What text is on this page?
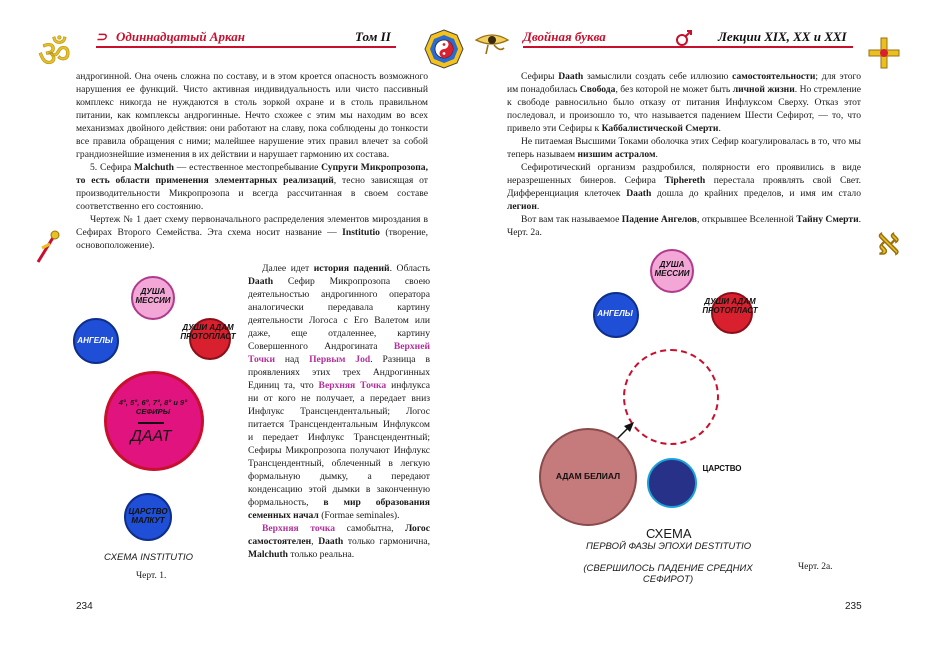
ॐ ⊃ Одиннадцатый Аркан	Том II

андрогинной. Она очень сложна по составу, и в этом кроется опасность возможного нарушения ее функций. Чисто активная индивидуальность или чисто пассивный комплекс никогда не нуждаются в столь зоркой охране и в столь правильном питании, как комплексы андрогинные. Нечто схожее с этим мы находим во всех механизмах двойного действия: они работают на славу, пока соблюдены до тонкости все правила обращения с ними; малейшее нарушение этих правил влечет за собой грандиознейшие изменения в их действии и нарушает гармонию их состава.

5. Сефира Malchuth — естественное местопребывание Супруги Микропрозопа, то есть области применения элементарных реализаций, тесно зависящая от производительности Микропрозопа и всегда рассчитанная в своем составе соответственно его состоянию.

Чертеж № 1 дает схему первоначального распределения элементов мироздания в Сефирах Второго Семейства. Эта схема носит название — Institutio (творение, основоположение).

Далее идет история падений. Область Daath Сефир Микропрозопа своею деятельностью андрогинного оператора аналогически передавала картину деятельности Логоса с Его Валетом или даже, еще отдаленнее, картину Совершенного Андрогината Верхней Точки над Первым Jod. Разница в проявлениях этих трех Андрогинных Единиц та, что Верхняя Точка инфлукса ни от кого не получает, а передает вниз Инфлукс Трансцендентальный; Логос питается Трансцендентальным Инфлуксом и передает Инфлукс Трансцендентный; Сефиры Микропрозопа получают Инфлукс Трансцендентный, облеченный в легкую формальную дымку, а передают конденсацию этой дымки в законченную формальность, в мир образования семенных начал (Formae seminales).

Верхняя точка самобытна, Логос самостоятелен, Daath только гармонична, Malchuth только реальна.

ДУША МЕССИИ
АНГЕЛЫ
ДУШИ АДАМ ПРОТОПЛАСТ
4°, 5°, 6°, 7°, 8° и 9° СЕФИРЫ
ДААТ
ЦАРСТВО МАЛКУТ
СХЕМА INSTITUTIO
Черт. 1.
234
Двойная буква	Лекции XIX, XX и XXI

Сефиры Daath замыслили создать себе иллюзию самостоятельности; для этого им понадобилась Свобода, без которой не может быть личной жизни. Но стремление к свободе равносильно было отказу от питания Инфлуксом Сверху. Отказ этот последовал, и произошло то, что называется падением Шести Сефирот, — то, что привело эти Сефиры к Каббалистической Смерти.

Не питаемая Высшими Токами оболочка этих Сефир коагулировалась в то, что мы теперь называем низшим астралом.

Сефиротический организм раздробился, полярности его проявились в виде неразрешенных бинеров. Сефира Tiphereth перестала проявлять свой Свет. Дифференциация клеточек Daath дошла до крайних пределов, и имя им стало легион.

Вот вам так называемое Падение Ангелов, открывшее Вселенной Тайну Смерти. Черт. 2а.	ℵ
ДУША МЕССИИ
АНГЕЛЫ
ДУШИ АДАМ ПРОТОПЛАСТ
АДАМ БЕЛИАЛ
ЦАРСТВО
СХЕМА
ПЕРВОЙ ФАЗЫ ЭПОХИ DESTITUTIO
(СВЕРШИЛОСЬ ПАДЕНИЕ СРЕДНИХ СЕФИРОТ)
Черт. 2а.
235
